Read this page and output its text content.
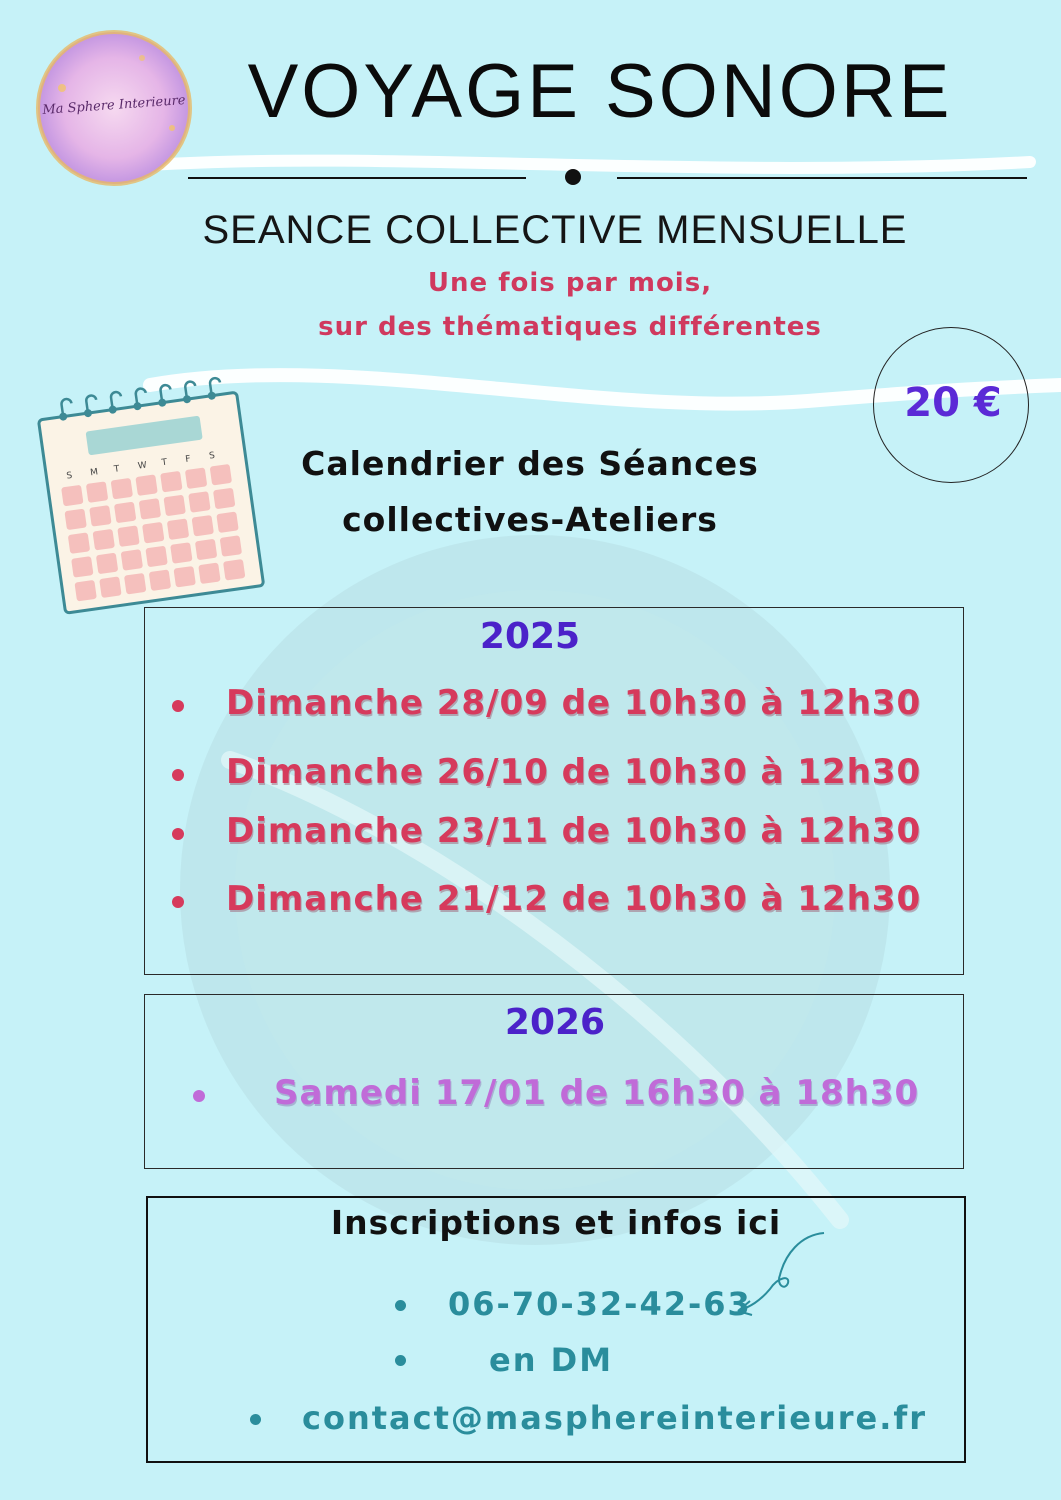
Ma Sphere Interieure VOYAGE SONORE
SEANCE COLLECTIVE MENSUELLE
Une fois par mois,
sur des thématiques différentes
20 €
S M T W T F S	Calendrier des Séances
collectives-Ateliers
2025
Dimanche 28/09 de 10h30 à 12h30
Dimanche 26/10 de 10h30 à 12h30
Dimanche 23/11 de 10h30 à 12h30
Dimanche 21/12 de 10h30 à 12h30
2026
Samedi 17/01 de 16h30 à 18h30
Inscriptions et infos ici
06-70-32-42-63
en DM
contact@masphereinterieure.fr
